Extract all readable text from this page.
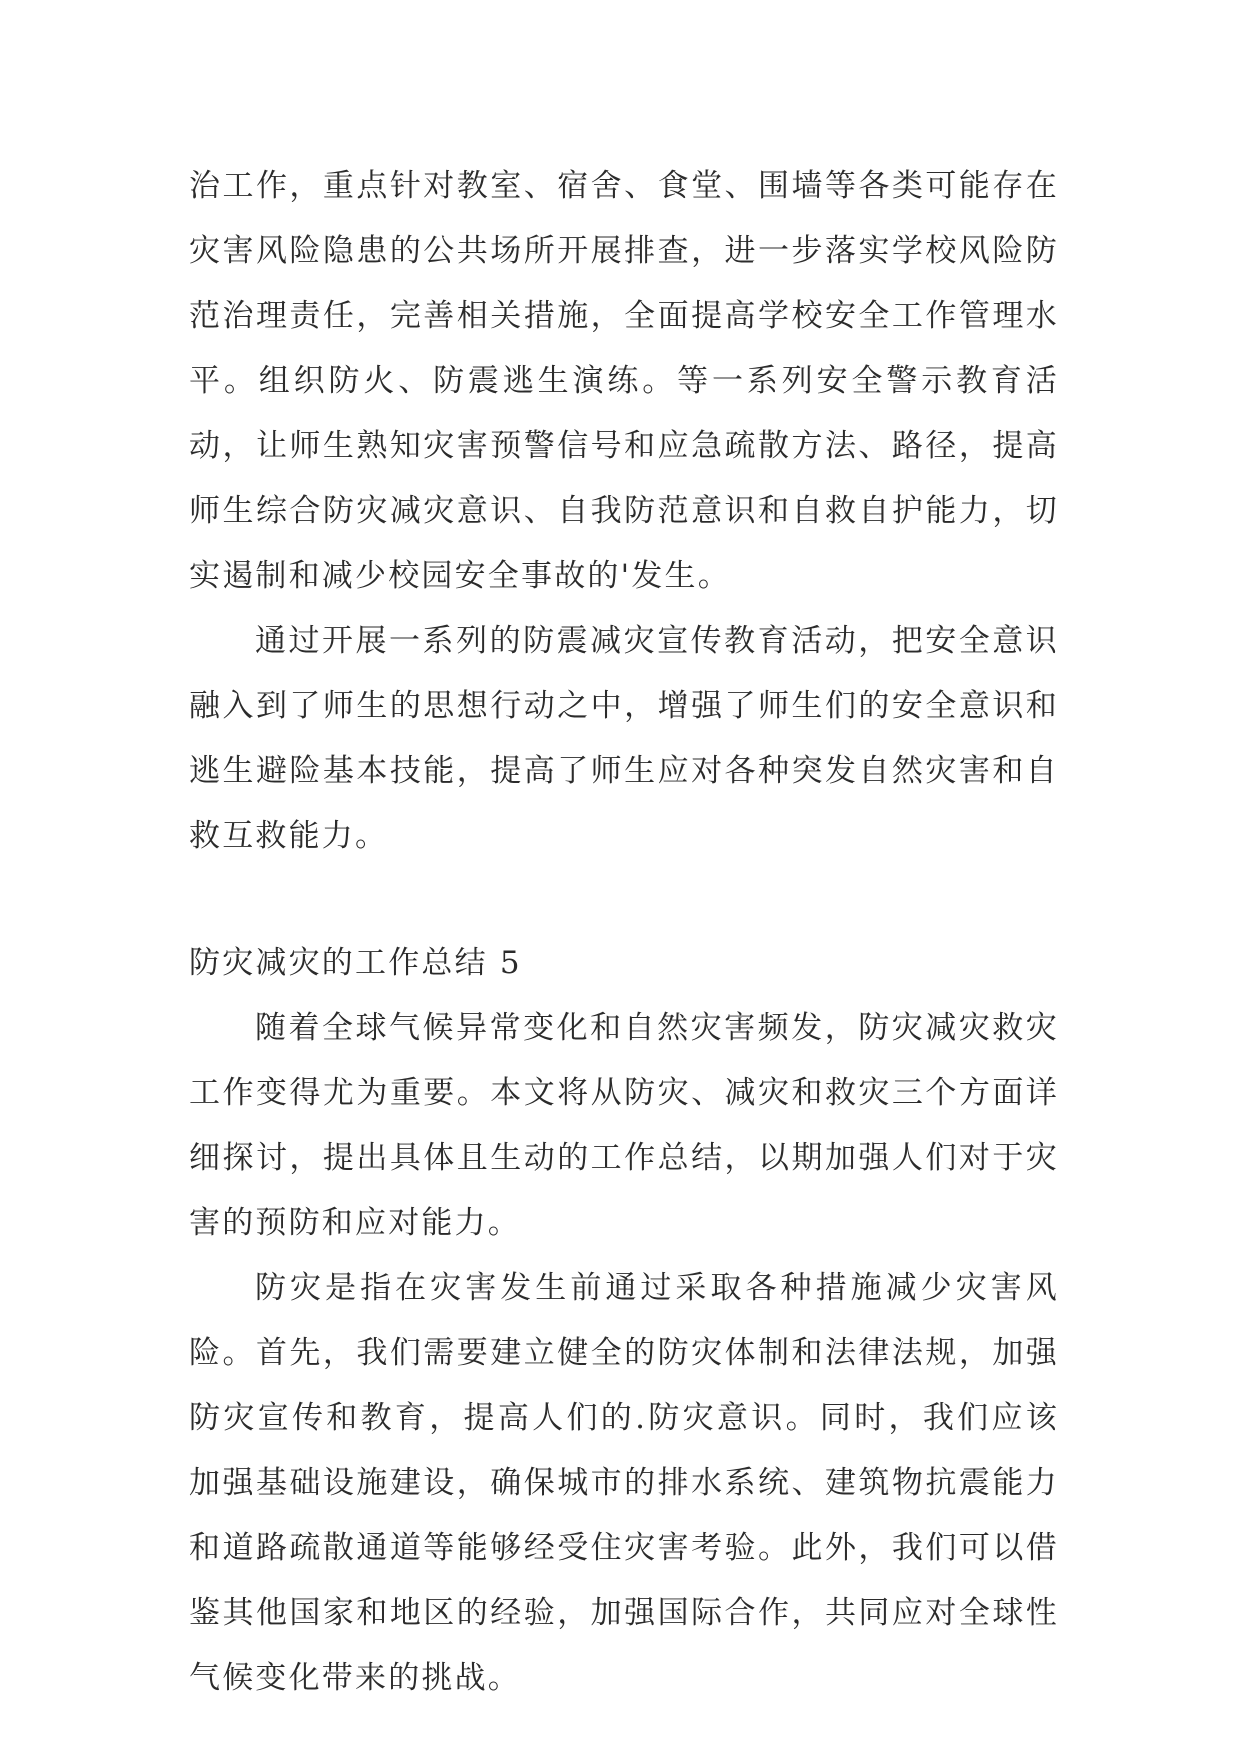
治工作，重点针对教室、宿舍、食堂、围墙等各类可能存在灾害风险隐患的公共场所开展排查，进一步落实学校风险防范治理责任，完善相关措施，全面提高学校安全工作管理水平。组织防火、防震逃生演练。等一系列安全警示教育活动，让师生熟知灾害预警信号和应急疏散方法、路径，提高师生综合防灾减灾意识、自我防范意识和自救自护能力，切实遏制和减少校园安全事故的'发生。

通过开展一系列的防震减灾宣传教育活动，把安全意识融入到了师生的思想行动之中，增强了师生们的安全意识和逃生避险基本技能，提高了师生应对各种突发自然灾害和自救互救能力。

防灾减灾的工作总结 5

随着全球气候异常变化和自然灾害频发，防灾减灾救灾工作变得尤为重要。本文将从防灾、减灾和救灾三个方面详细探讨，提出具体且生动的工作总结，以期加强人们对于灾害的预防和应对能力。

防灾是指在灾害发生前通过采取各种措施减少灾害风险。首先，我们需要建立健全的防灾体制和法律法规，加强防灾宣传和教育，提高人们的.防灾意识。同时，我们应该加强基础设施建设，确保城市的排水系统、建筑物抗震能力和道路疏散通道等能够经受住灾害考验。此外，我们可以借鉴其他国家和地区的经验，加强国际合作，共同应对全球性气候变化带来的挑战。
